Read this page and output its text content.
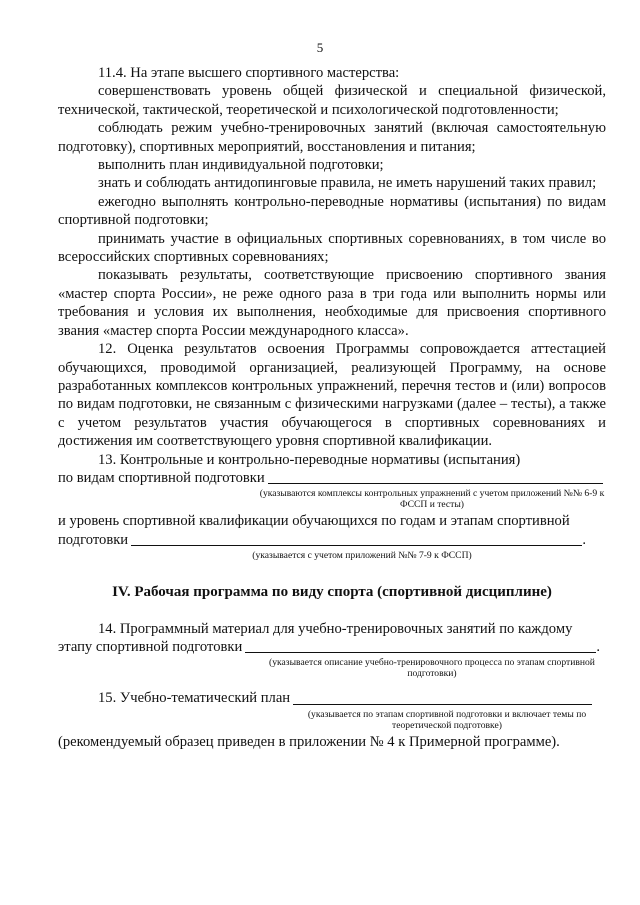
5

11.4. На этапе высшего спортивного мастерства:

совершенствовать уровень общей физической и специальной физической, технической, тактической, теоретической и психологической подготовленности;

соблюдать режим учебно-тренировочных занятий (включая самостоятельную подготовку), спортивных мероприятий, восстановления и питания;

выполнить план индивидуальной подготовки;

знать и соблюдать антидопинговые правила, не иметь нарушений таких правил;

ежегодно выполнять контрольно-переводные нормативы (испытания) по видам спортивной подготовки;

принимать участие в официальных спортивных соревнованиях, в том числе во всероссийских спортивных соревнованиях;

показывать результаты, соответствующие присвоению спортивного звания «мастер спорта России», не реже одного раза в три года или выполнить нормы или требования и условия их выполнения, необходимые для присвоения спортивного звания «мастер спорта России международного класса».

12. Оценка результатов освоения Программы сопровождается аттестацией обучающихся, проводимой организацией, реализующей Программу, на основе разработанных комплексов контрольных упражнений, перечня тестов и (или) вопросов по видам подготовки, не связанным с физическими нагрузками (далее – тесты), а также с учетом результатов участия обучающегося в спортивных соревнованиях и достижения им соответствующего уровня спортивной квалификации.

13. Контрольные и контрольно-переводные нормативы (испытания)

по видам спортивной подготовки
(указываются комплексы контрольных упражнений с учетом приложений №№ 6-9 к ФССП и тесты)

и уровень спортивной квалификации обучающихся по годам и этапам спортивной

подготовки	.
(указывается с учетом приложений №№ 7-9 к ФССП)
IV. Рабочая программа по виду спорта (спортивной дисциплине)

14. Программный материал для учебно-тренировочных занятий по каждому

этапу спортивной подготовки	.
(указывается описание учебно-тренировочного процесса по этапам спортивной подготовки)
15. Учебно-тематический план
(указывается по этапам спортивной подготовки и включает темы по теоретической подготовке)

(рекомендуемый образец приведен в приложении № 4 к Примерной программе).
